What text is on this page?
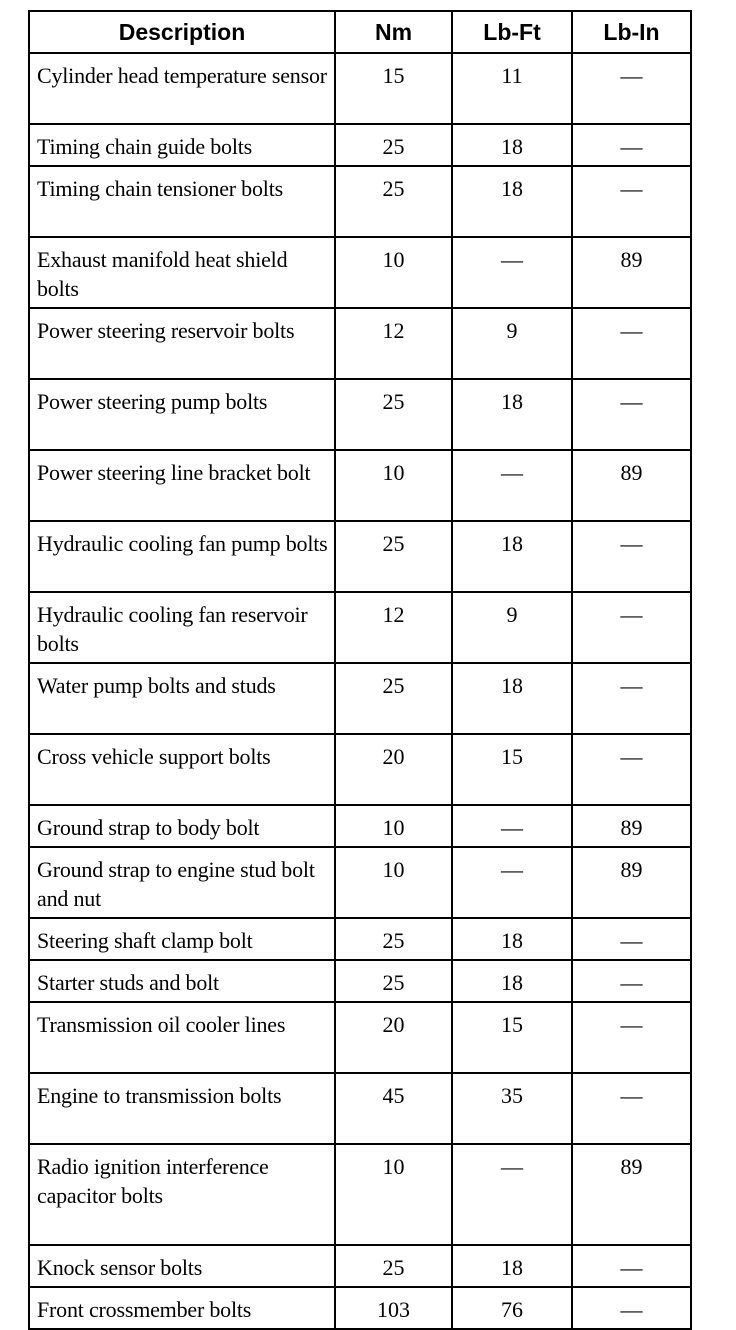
Description	Nm	Lb-Ft	Lb-In
Cylinder head temperature sensor	15	11	—
Timing chain guide bolts	25	18	—
Timing chain tensioner bolts	25	18	—
Exhaust manifold heat shield bolts	10	—	89
Power steering reservoir bolts	12	9	—
Power steering pump bolts	25	18	—
Power steering line bracket bolt	10	—	89
Hydraulic cooling fan pump bolts	25	18	—
Hydraulic cooling fan reservoir bolts	12	9	—
Water pump bolts and studs	25	18	—
Cross vehicle support bolts	20	15	—
Ground strap to body bolt	10	—	89
Ground strap to engine stud bolt and nut	10	—	89
Steering shaft clamp bolt	25	18	—
Starter studs and bolt	25	18	—
Transmission oil cooler lines	20	15	—
Engine to transmission bolts	45	35	—
Radio ignition interference capacitor bolts	10	—	89
Knock sensor bolts	25	18	—
Front crossmember bolts	103	76	—
